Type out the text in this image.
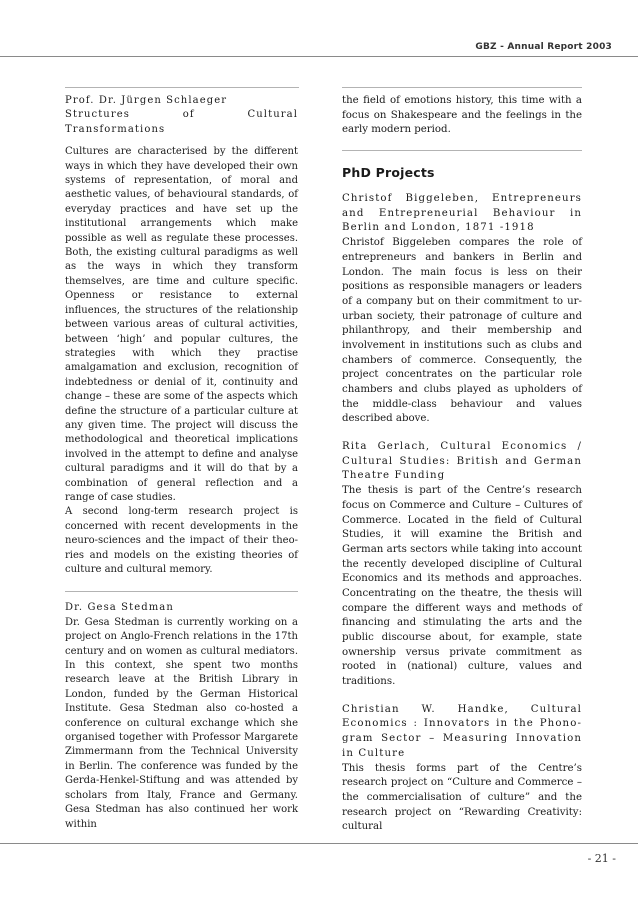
GBZ - Annual Report 2003

Prof. Dr. Jürgen Schlaeger

Structures of Cultural Transformations

Cultures are characterised by the different ways in which they have developed their own systems of representation, of moral and aesthetic values, of behavioural standards, of everyday practices and have set up the institutional arrangements which make possible as well as regulate these processes. Both, the existing cultural paradigms as well as the ways in which they transform themselves, are time and culture specific. Openness or resistance to external influences, the structures of the relationship between various areas of cultural activities, between ‘high’ and popular cultures, the strategies with which they practise amalgamation and exclusion, recognition of indebtedness or denial of it, continuity and change – these are some of the aspects which define the structure of a particular culture at any given time. The project will discuss the methodological and theoretical implications involved in the attempt to define and analyse cultural paradigms and it will do that by a combination of general reflection and a range of case studies.

A second long-term research project is concerned with recent developments in the neuro-sciences and the impact of their theo- ries and models on the existing theories of culture and cultural memory.

Dr. Gesa Stedman

Dr. Gesa Stedman is currently working on a project on Anglo-French relations in the 17th century and on women as cultural mediators. In this context, she spent two months research leave at the British Library in London, funded by the German Historical Institute. Gesa Stedman also co-hosted a conference on cultural exchange which she organised together with Professor Margarete Zimmermann from the Technical University in Berlin. The conference was funded by the Gerda-Henkel-Stiftung and was attended by scholars from Italy, France and Germany. Gesa Stedman has also continued her work within

the field of emotions history, this time with a focus on Shakespeare and the feelings in the early modern period.

PhD Projects

Christof Biggeleben, Entrepreneurs and Entrepreneurial Behaviour in Berlin and London, 1871 -1918

Christof Biggeleben compares the role of entrepreneurs and bankers in Berlin and London. The main focus is less on their positions as responsible managers or leaders of a company but on their commitment to ur- urban society, their patronage of culture and philanthropy, and their membership and involvement in institutions such as clubs and chambers of commerce. Consequently, the project concentrates on the particular role chambers and clubs played as upholders of the middle-class behaviour and values described above.

Rita Gerlach, Cultural Economics / Cultural Studies: British and German Theatre Funding

The thesis is part of the Centre’s research focus on Commerce and Culture – Cultures of Commerce. Located in the field of Cultural Studies, it will examine the British and German arts sectors while taking into account the recently developed discipline of Cultural Economics and its methods and approaches. Concentrating on the theatre, the thesis will compare the different ways and methods of financing and stimulating the arts and the public discourse about, for example, state ownership versus private commitment as rooted in (national) culture, values and traditions.

Christian W. Handke, Cultural Economics : Innovators in the Phono- gram Sector – Measuring Innovation in Culture

This thesis forms part of the Centre’s research project on “Culture and Commerce – the commercialisation of culture” and the research project on “Rewarding Creativity: cultural

- 21 -
